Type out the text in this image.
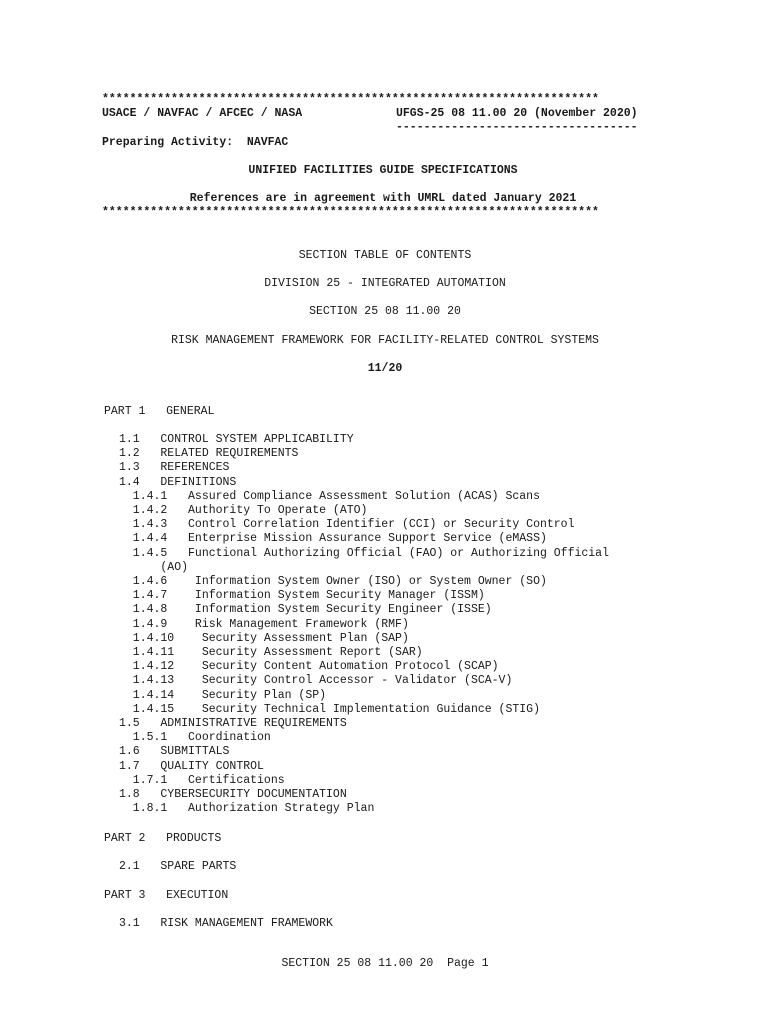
************************************************************************
USACE / NAVFAC / AFCEC / NASA	UFGS-25 08 11.00 20 (November 2020)
-----------------------------------
Preparing Activity:  NAVFAC
UNIFIED FACILITIES GUIDE SPECIFICATIONS
References are in agreement with UMRL dated January 2021
************************************************************************
SECTION TABLE OF CONTENTS
DIVISION 25 - INTEGRATED AUTOMATION
SECTION 25 08 11.00 20
RISK MANAGEMENT FRAMEWORK FOR FACILITY-RELATED CONTROL SYSTEMS
11/20
PART 1   GENERAL
1.1   CONTROL SYSTEM APPLICABILITY
1.2   RELATED REQUIREMENTS
1.3   REFERENCES
1.4   DEFINITIONS
1.4.1   Assured Compliance Assessment Solution (ACAS) Scans
1.4.2   Authority To Operate (ATO)
1.4.3   Control Correlation Identifier (CCI) or Security Control
1.4.4   Enterprise Mission Assurance Support Service (eMASS)
1.4.5   Functional Authorizing Official (FAO) or Authorizing Official
(AO)
1.4.6    Information System Owner (ISO) or System Owner (SO)
1.4.7    Information System Security Manager (ISSM)
1.4.8    Information System Security Engineer (ISSE)
1.4.9    Risk Management Framework (RMF)
1.4.10    Security Assessment Plan (SAP)
1.4.11    Security Assessment Report (SAR)
1.4.12    Security Content Automation Protocol (SCAP)
1.4.13    Security Control Accessor - Validator (SCA-V)
1.4.14    Security Plan (SP)
1.4.15    Security Technical Implementation Guidance (STIG)
1.5   ADMINISTRATIVE REQUIREMENTS
1.5.1   Coordination
1.6   SUBMITTALS
1.7   QUALITY CONTROL
1.7.1   Certifications
1.8   CYBERSECURITY DOCUMENTATION
1.8.1   Authorization Strategy Plan
PART 2   PRODUCTS
2.1   SPARE PARTS
PART 3   EXECUTION
3.1   RISK MANAGEMENT FRAMEWORK
SECTION 25 08 11.00 20  Page 1
